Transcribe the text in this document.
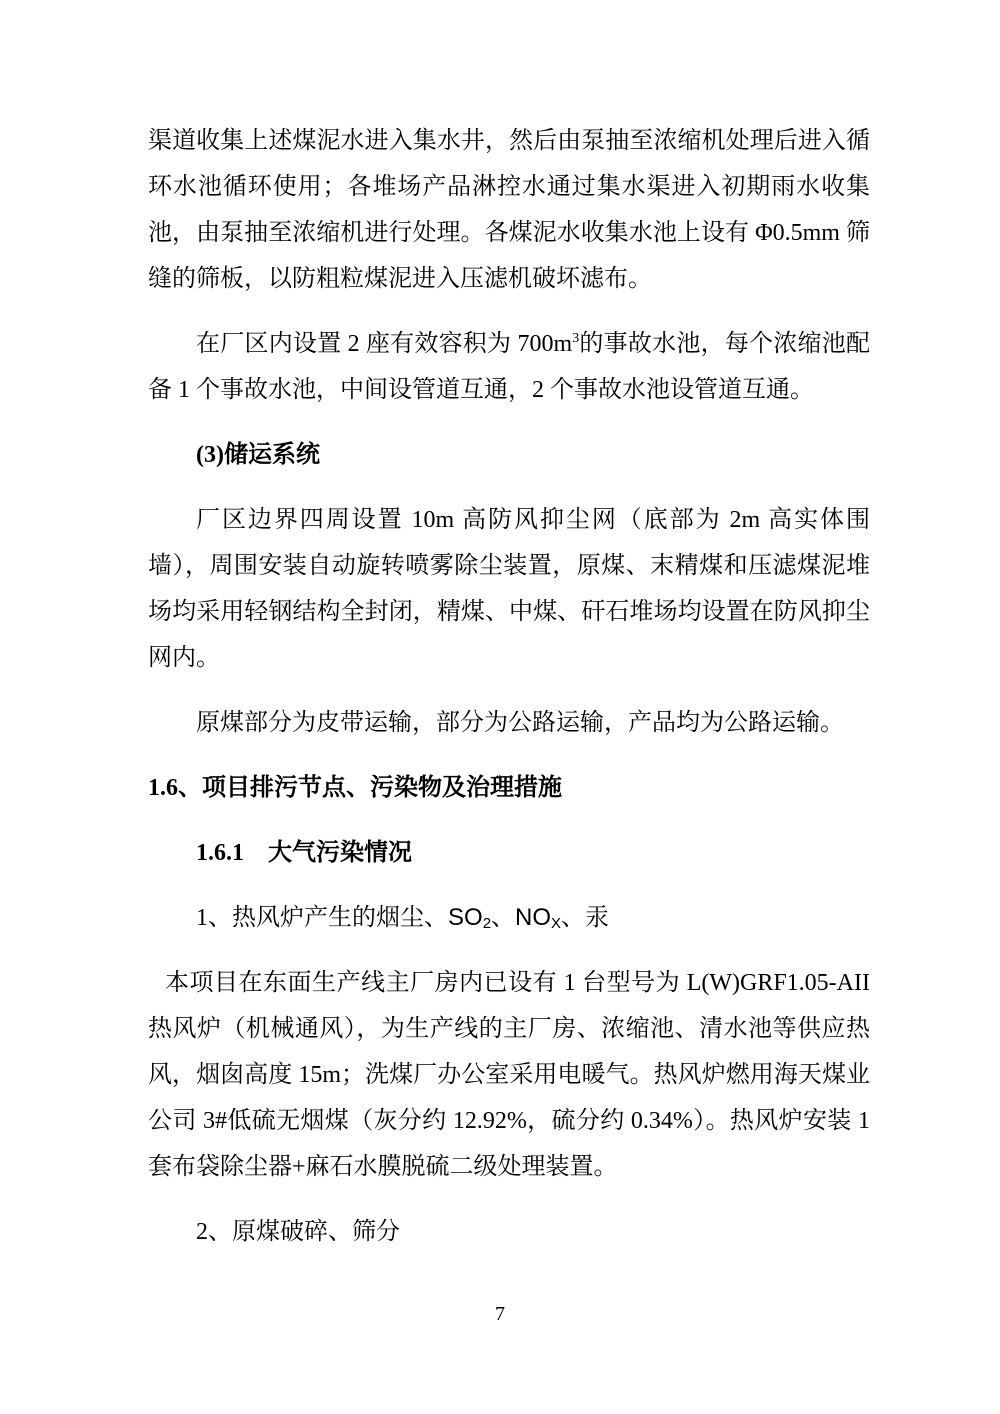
渠道收集上述煤泥水进入集水井，然后由泵抽至浓缩机处理后进入循环水池循环使用；各堆场产品淋控水通过集水渠进入初期雨水收集池，由泵抽至浓缩机进行处理。各煤泥水收集水池上设有 Φ0.5mm 筛缝的筛板，以防粗粒煤泥进入压滤机破坏滤布。

在厂区内设置 2 座有效容积为 $700m^3$的事故水池，每个浓缩池配备 1 个事故水池，中间设管道互通，2 个事故水池设管道互通。

(3)储运系统

厂区边界四周设置 10m 高防风抑尘网（底部为 2m 高实体围墙），周围安装自动旋转喷雾除尘装置，原煤、末精煤和压滤煤泥堆场均采用轻钢结构全封闭，精煤、中煤、矸石堆场均设置在防风抑尘网内。

原煤部分为皮带运输，部分为公路运输，产品均为公路运输。

1.6、项目排污节点、污染物及治理措施
1.6.1　大气污染情况

1、热风炉产生的烟尘、SO2、NOX、汞

本项目在东面生产线主厂房内已设有 1 台型号为 L(W)GRF1.05-AII热风炉（机械通风），为生产线的主厂房、浓缩池、清水池等供应热风，烟囱高度 15m；洗煤厂办公室采用电暖气。热风炉燃用海天煤业公司 3#低硫无烟煤（灰分约 12.92%，硫分约 0.34%）。热风炉安装 1 套布袋除尘器+麻石水膜脱硫二级处理装置。

2、原煤破碎、筛分

7
